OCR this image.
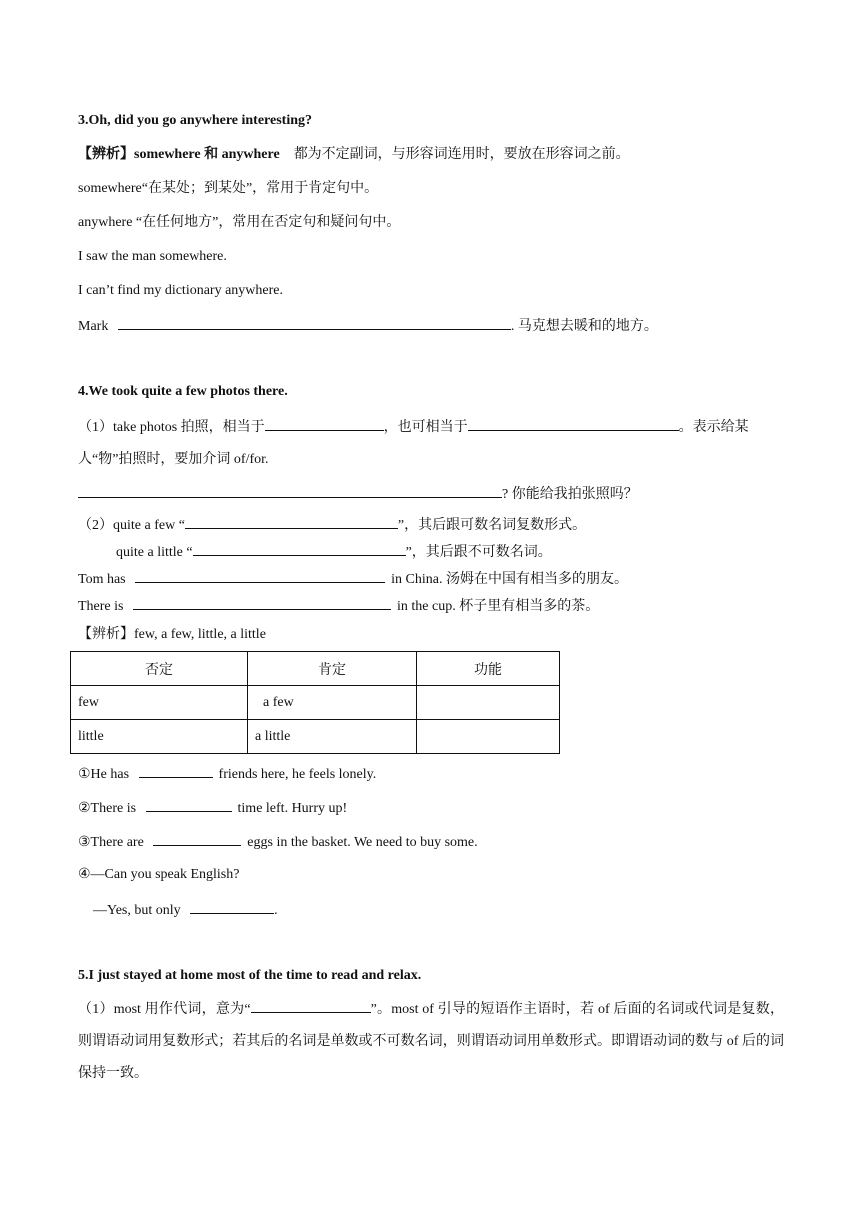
3.Oh, did you go anywhere interesting?
【辨析】somewhere 和 anywhere 都为不定副词，与形容词连用时，要放在形容词之前。
somewhere“在某处；到某处”，常用于肯定句中。
anywhere “在任何地方”，常用在否定句和疑问句中。
I saw the man somewhere.
I can’t find my dictionary anywhere.
Mark	. 马克想去暖和的地方。
4.We took quite a few photos there.
（1）take photos 拍照，相当于	，也可相当于	。表示给某
人“物”拍照时，要加介词 of/for.
? 你能给我拍张照吗？
（2）quite a few “	”，其后跟可数名词复数形式。
quite a little “	”，其后跟不可数名词。
Tom has	in China. 汤姆在中国有相当多的朋友。
There is	in the cup. 杯子里有相当多的茶。
【辨析】few, a few, little, a little
否定	肯定	功能
few	a few	
little	a little	
①He has	friends here, he feels lonely.
②There is	time left. Hurry up!
③There are	eggs in the basket. We need to buy some.
④—Can you speak English?
—Yes, but only	.
5.I just stayed at home most of the time to read and relax.
（1）most 用作代词，意为“	”。most of 引导的短语作主语时，若 of 后面的名词或代词是复数，则谓语动词用复数形式；若其后的名词是单数或不可数名词，则谓语动词用单数形式。即谓语动词的数与 of 后的词保持一致。
